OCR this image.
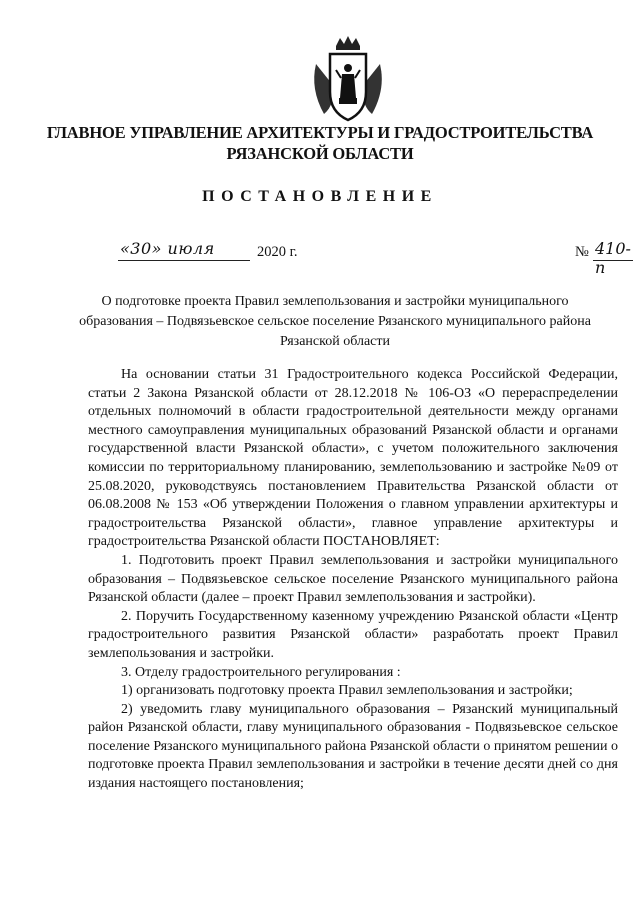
ГЛАВНОЕ УПРАВЛЕНИЕ АРХИТЕКТУРЫ И ГРАДОСТРОИТЕЛЬСТВА РЯЗАНСКОЙ ОБЛАСТИ
ПОСТАНОВЛЕНИЕ
«30» июля	2020 г.	№ 410-п
О подготовке проекта Правил землепользования и застройки муниципального образования – Подвязьевское сельское поселение Рязанского муниципального района Рязанской области

На основании статьи 31 Градостроительного кодекса Российской Федерации, статьи 2 Закона Рязанской области от 28.12.2018 № 106-ОЗ «О перераспределении отдельных полномочий в области градостроительной деятельности между органами местного самоуправления муниципальных образований Рязанской области и органами государственной власти Рязанской области», с учетом положительного заключения комиссии по территориальному планированию, землепользованию и застройке №09 от 25.08.2020, руководствуясь постановлением Правительства Рязанской области от 06.08.2008 № 153 «Об утверждении Положения о главном управлении архитектуры и градостроительства Рязанской области», главное управление архитектуры и градостроительства Рязанской области ПОСТАНОВЛЯЕТ:

1. Подготовить проект Правил землепользования и застройки муниципального образования – Подвязьевское сельское поселение Рязанского муниципального района Рязанской области (далее – проект Правил землепользования и застройки).

2. Поручить Государственному казенному учреждению Рязанской области «Центр градостроительного развития Рязанской области» разработать проект Правил землепользования и застройки.

3. Отделу градостроительного регулирования :

1) организовать подготовку проекта Правил землепользования и застройки;

2) уведомить главу муниципального образования – Рязанский муниципальный район Рязанской области, главу муниципального образования - Подвязьевское сельское поселение Рязанского муниципального района Рязанской области о принятом решении о подготовке проекта Правил землепользования и застройки в течение десяти дней со дня издания настоящего постановления;
